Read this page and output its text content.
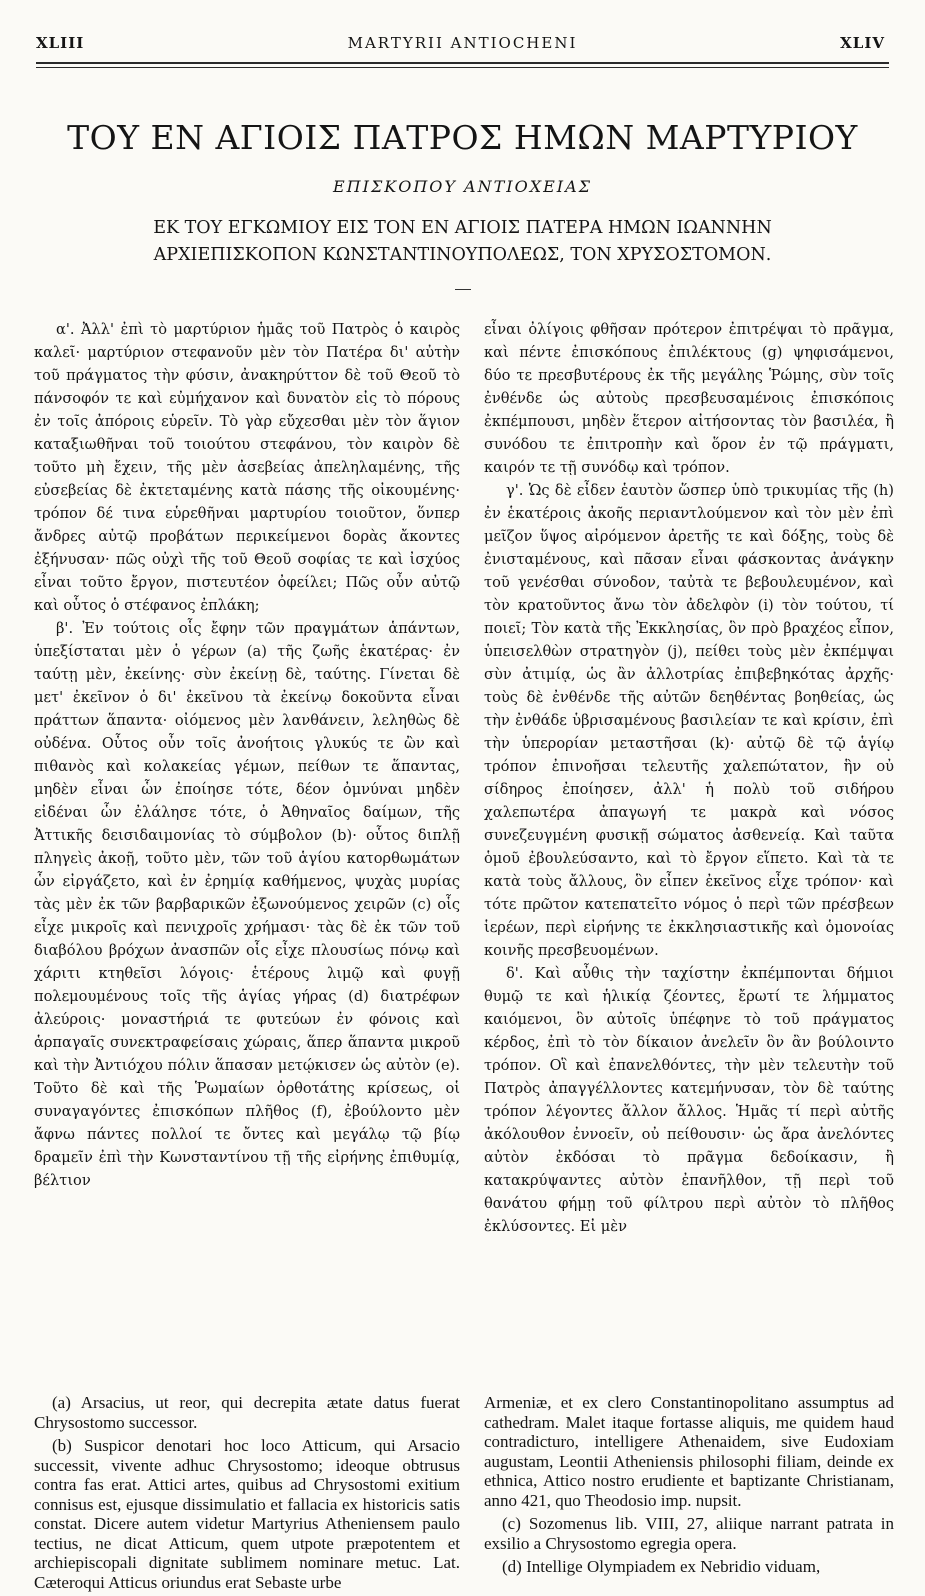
XLIII	MARTYRII ANTIOCHENI	XLIV
ΤΟΥ ΕΝ ΑΓΙΟΙΣ ΠΑΤΡΟΣ ΗΜΩΝ ΜΑΡΤΥΡΙΟΥ
ΕΠΙΣΚΟΠΟΥ ΑΝΤΙΟΧΕΙΑΣ
ΕΚ ΤΟΥ ΕΓΚΩΜΙΟΥ ΕΙΣ ΤΟΝ ΕΝ ΑΓΙΟΙΣ ΠΑΤΕΡΑ ΗΜΩΝ ΙΩΑΝΝΗΝ ΑΡΧΙΕΠΙΣΚΟΠΟΝ ΚΩΝΣΤΑΝΤΙΝΟΥΠΟΛΕΩΣ, ΤΟΝ ΧΡΥΣΟΣΤΟΜΟΝ.

α'. Ἀλλ' ἐπὶ τὸ μαρτύριον ἡμᾶς τοῦ Πατρὸς ὁ καιρὸς καλεῖ· μαρτύριον στεφανοῦν μὲν τὸν Πατέρα δι' αὐτὴν τοῦ πράγματος τὴν φύσιν, ἀνακηρύττον δὲ τοῦ Θεοῦ τὸ πάνσοφόν τε καὶ εὐμήχανον καὶ δυνατὸν εἰς τὸ πόρους ἐν τοῖς ἀπόροις εὑρεῖν. Τὸ γὰρ εὔχεσθαι μὲν τὸν ἅγιον καταξιωθῆναι τοῦ τοιούτου στεφάνου, τὸν καιρὸν δὲ τοῦτο μὴ ἔχειν, τῆς μὲν ἀσεβείας ἀπεληλαμένης, τῆς εὐσεβείας δὲ ἐκτεταμένης κατὰ πάσης τῆς οἰκουμένης· τρόπον δέ τινα εὑρεθῆναι μαρτυρίου τοιοῦτον, ὅνπερ ἄνδρες αὐτῷ προβάτων περικείμενοι δορὰς ἄκοντες ἐξήνυσαν· πῶς οὐχὶ τῆς τοῦ Θεοῦ σοφίας τε καὶ ἰσχύος εἶναι τοῦτο ἔργον, πιστευτέον ὀφείλει; Πῶς οὖν αὐτῷ καὶ οὗτος ὁ στέφανος ἐπλάκη;

β'. Ἐν τούτοις οἷς ἔφην τῶν πραγμάτων ἁπάντων, ὑπεξίσταται μὲν ὁ γέρων (a) τῆς ζωῆς ἑκατέρας· ἐν ταύτῃ μὲν, ἐκείνης· σὺν ἐκείνῃ δὲ, ταύτης. Γίνεται δὲ μετ' ἐκεῖνον ὁ δι' ἐκεῖνου τὰ ἐκείνῳ δοκοῦντα εἶναι πράττων ἅπαντα· οἰόμενος μὲν λανθάνειν, λεληθὼς δὲ οὐδένα. Οὗτος οὖν τοῖς ἀνοήτοις γλυκύς τε ὢν καὶ πιθανὸς καὶ κολακείας γέμων, πείθων τε ἅπαντας, μηδὲν εἶναι ὧν ἐποίησε τότε, δέον ὀμνύναι μηδὲν εἰδέναι ὧν ἐλάλησε τότε, ὁ Ἀθηναῖος δαίμων, τῆς Ἀττικῆς δεισιδαιμονίας τὸ σύμβολον (b)· οὗτος διπλῇ πληγεὶς ἀκοῇ, τοῦτο μὲν, τῶν τοῦ ἁγίου κατορθωμάτων ὧν εἰργάζετο, καὶ ἐν ἐρημίᾳ καθήμενος, ψυχὰς μυρίας τὰς μὲν ἐκ τῶν βαρβαρικῶν ἐξωνούμενος χειρῶν (c) οἷς εἶχε μικροῖς καὶ πενιχροῖς χρήμασι· τὰς δὲ ἐκ τῶν τοῦ διαβόλου βρόχων ἀνασπῶν οἷς εἶχε πλουσίως πόνῳ καὶ χάριτι κτηθεῖσι λόγοις· ἑτέρους λιμῷ καὶ φυγῇ πολεμουμένους τοῖς τῆς ἁγίας γήρας (d) διατρέφων ἀλεύροις· μοναστήριά τε φυτεύων ἐν φόνοις καὶ ἁρπαγαῖς συνεκτραφείσαις χώραις, ἅπερ ἅπαντα μικροῦ καὶ τὴν Ἀντιόχου πόλιν ἅπασαν μετῴκισεν ὡς αὐτὸν (e). Τοῦτο δὲ καὶ τῆς Ῥωμαίων ὀρθοτάτης κρίσεως, οἱ συναγαγόντες ἐπισκόπων πλῆθος (f), ἐβούλοντο μὲν ἄφνω πάντες πολλοί τε ὄντες καὶ μεγάλῳ τῷ βίῳ δραμεῖν ἐπὶ τὴν Κωνσταντίνου τῇ τῆς εἰρήνης ἐπιθυμίᾳ, βέλτιον

εἶναι ὀλίγοις φθῆσαν πρότερον ἐπιτρέψαι τὸ πρᾶγμα, καὶ πέντε ἐπισκόπους ἐπιλέκτους (g) ψηφισάμενοι, δύο τε πρεσβυτέρους ἐκ τῆς μεγάλης Ῥώμης, σὺν τοῖς ἐνθένδε ὡς αὐτοὺς πρεσβευσαμένοις ἐπισκόποις ἐκπέμπουσι, μηδὲν ἕτερον αἰτήσοντας τὸν βασιλέα, ἢ συνόδου τε ἐπιτροπὴν καὶ ὅρον ἐν τῷ πράγματι, καιρόν τε τῇ συνόδῳ καὶ τρόπον.

γ'. Ὡς δὲ εἶδεν ἑαυτὸν ὥσπερ ὑπὸ τρικυμίας τῆς (h) ἐν ἑκατέροις ἀκοῆς περιαντλούμενον καὶ τὸν μὲν ἐπὶ μεῖζον ὕψος αἰρόμενον ἀρετῆς τε καὶ δόξης, τοὺς δὲ ἐνισταμένους, καὶ πᾶσαν εἶναι φάσκοντας ἀνάγκην τοῦ γενέσθαι σύνοδον, ταὐτὰ τε βεβουλευμένον, καὶ τὸν κρατοῦντος ἄνω τὸν ἀδελφὸν (i) τὸν τούτου, τί ποιεῖ; Τὸν κατὰ τῆς Ἐκκλησίας, ὃν πρὸ βραχέος εἶπον, ὑπεισελθὼν στρατηγὸν (j), πείθει τοὺς μὲν ἐκπέμψαι σὺν ἀτιμίᾳ, ὡς ἂν ἀλλοτρίας ἐπιβεβηκότας ἀρχῆς· τοὺς δὲ ἐνθένδε τῆς αὐτῶν δεηθέντας βοηθείας, ὡς τὴν ἐνθάδε ὑβρισαμένους βασιλείαν τε καὶ κρίσιν, ἐπὶ τὴν ὑπερορίαν μεταστῆσαι (k)· αὐτῷ δὲ τῷ ἁγίῳ τρόπον ἐπινοῆσαι τελευτῆς χαλεπώτατον, ἣν οὐ σίδηρος ἐποίησεν, ἀλλ' ἡ πολὺ τοῦ σιδήρου χαλεπωτέρα ἀπαγωγή τε μακρὰ καὶ νόσος συνεζευγμένη φυσικῇ σώματος ἀσθενείᾳ. Καὶ ταῦτα ὁμοῦ ἐβουλεύσαντο, καὶ τὸ ἔργον εἵπετο. Καὶ τὰ τε κατὰ τοὺς ἄλλους, ὃν εἶπεν ἐκεῖνος εἶχε τρόπον· καὶ τότε πρῶτον κατεπατεῖτο νόμος ὁ περὶ τῶν πρέσβεων ἱερέων, περὶ εἰρήνης τε ἐκκλησιαστικῆς καὶ ὁμονοίας κοινῆς πρεσβευομένων.

δ'. Καὶ αὖθις τὴν ταχίστην ἐκπέμπονται δήμιοι θυμῷ τε καὶ ἡλικίᾳ ζέοντες, ἔρωτί τε λήμματος καιόμενοι, ὃν αὐτοῖς ὑπέφηνε τὸ τοῦ πράγματος κέρδος, ἐπὶ τὸ τὸν δίκαιον ἀνελεῖν ὃν ἂν βούλοιντο τρόπον. Οἳ καὶ ἐπανελθόντες, τὴν μὲν τελευτὴν τοῦ Πατρὸς ἀπαγγέλλοντες κατεμήνυσαν, τὸν δὲ ταύτης τρόπον λέγοντες ἄλλον ἄλλος. Ἡμᾶς τί περὶ αὐτῆς ἀκόλουθον ἐννοεῖν, οὐ πείθουσιν· ὡς ἄρα ἀνελόντες αὐτὸν ἐκδόσαι τὸ πρᾶγμα δεδοίκασιν, ἢ κατακρύψαντες αὐτὸν ἐπανῆλθον, τῇ περὶ τοῦ θανάτου φήμῃ τοῦ φίλτρου περὶ αὐτὸν τὸ πλῆθος ἐκλύσοντες. Εἰ μὲν

(a) Arsacius, ut reor, qui decrepita ætate datus fuerat Chrysostomo successor.

(b) Suspicor denotari hoc loco Atticum, qui Arsacio successit, vivente adhuc Chrysostomo; ideoque obtrusus contra fas erat. Attici artes, quibus ad Chrysostomi exitium connisus est, ejusque dissimulatio et fallacia ex historicis satis constat. Dicere autem videtur Martyrius Atheniensem paulo tectius, ne dicat Atticum, quem utpote præpotentem et archiepiscopali dignitate sublimem nominare metuc. Lat. Cæteroqui Atticus oriundus erat Sebaste urbe

Armeniæ, et ex clero Constantinopolitano assumptus ad cathedram. Malet itaque fortasse aliquis, me quidem haud contradicturo, intelligere Athenaidem, sive Eudoxiam augustam, Leontii Atheniensis philosophi filiam, deinde ex ethnica, Attico nostro erudiente et baptizante Christianam, anno 421, quo Theodosio imp. nupsit.

(c) Sozomenus lib. VIII, 27, aliique narrant patrata in exsilio a Chrysostomo egregia opera.

(d) Intellige Olympiadem ex Nebridio viduam,
